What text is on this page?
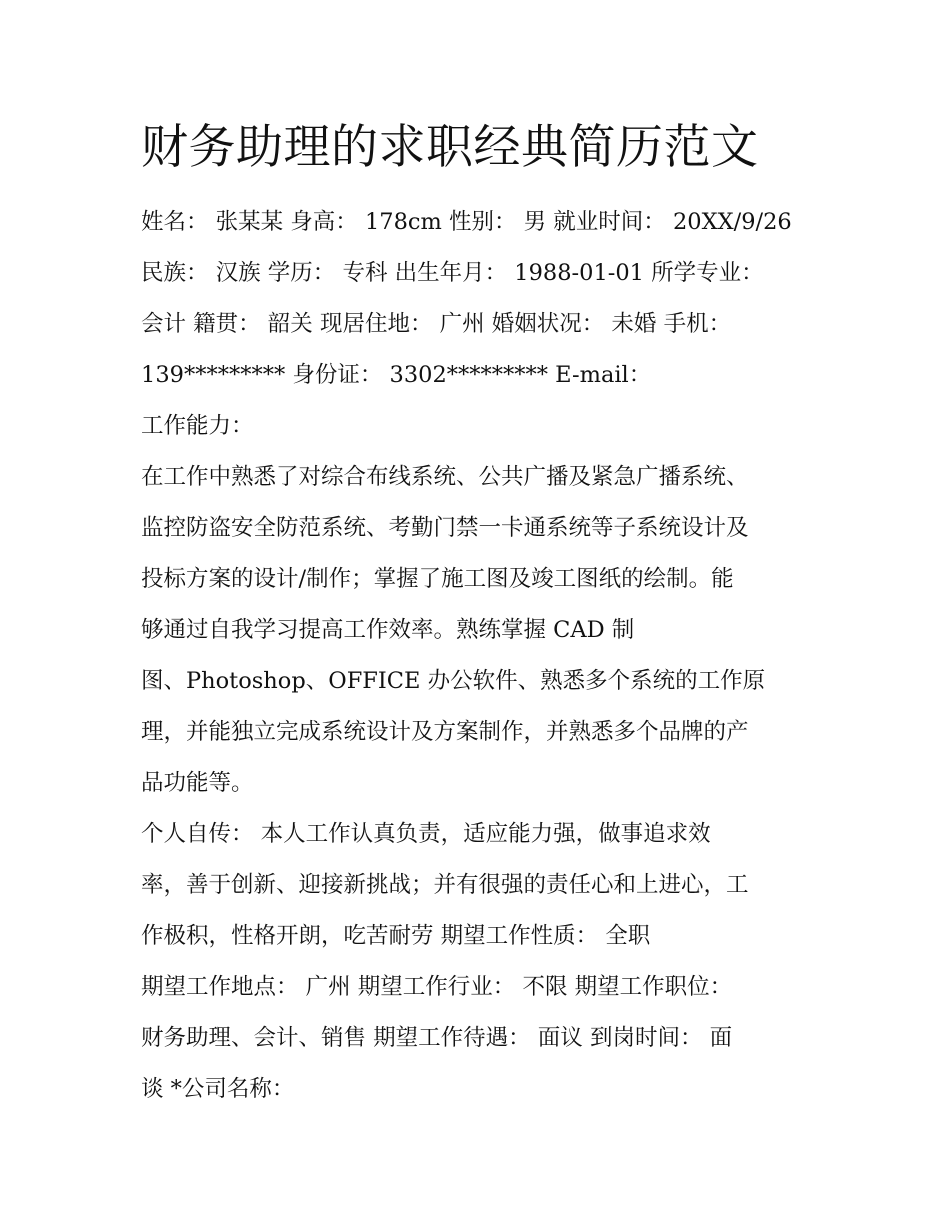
财务助理的求职经典简历范文
姓名： 张某某 身高： 178cm 性别： 男 就业时间： 20XX/9/26
民族： 汉族 学历： 专科 出生年月： 1988-01-01 所学专业：
会计 籍贯： 韶关 现居住地： 广州 婚姻状况： 未婚 手机：
139********* 身份证： 3302********* E-mail：
工作能力：
在工作中熟悉了对综合布线系统、公共广播及紧急广播系统、
监控防盗安全防范系统、考勤门禁一卡通系统等子系统设计及
投标方案的设计/制作；掌握了施工图及竣工图纸的绘制。能
够通过自我学习提高工作效率。熟练掌握 CAD 制
图、Photoshop、OFFICE 办公软件、熟悉多个系统的工作原
理，并能独立完成系统设计及方案制作，并熟悉多个品牌的产
品功能等。
个人自传： 本人工作认真负责，适应能力强，做事追求效
率，善于创新、迎接新挑战；并有很强的责任心和上进心，工
作极积，性格开朗，吃苦耐劳 期望工作性质： 全职
期望工作地点： 广州 期望工作行业： 不限 期望工作职位：
财务助理、会计、销售 期望工作待遇： 面议 到岗时间： 面
谈 *公司名称：
